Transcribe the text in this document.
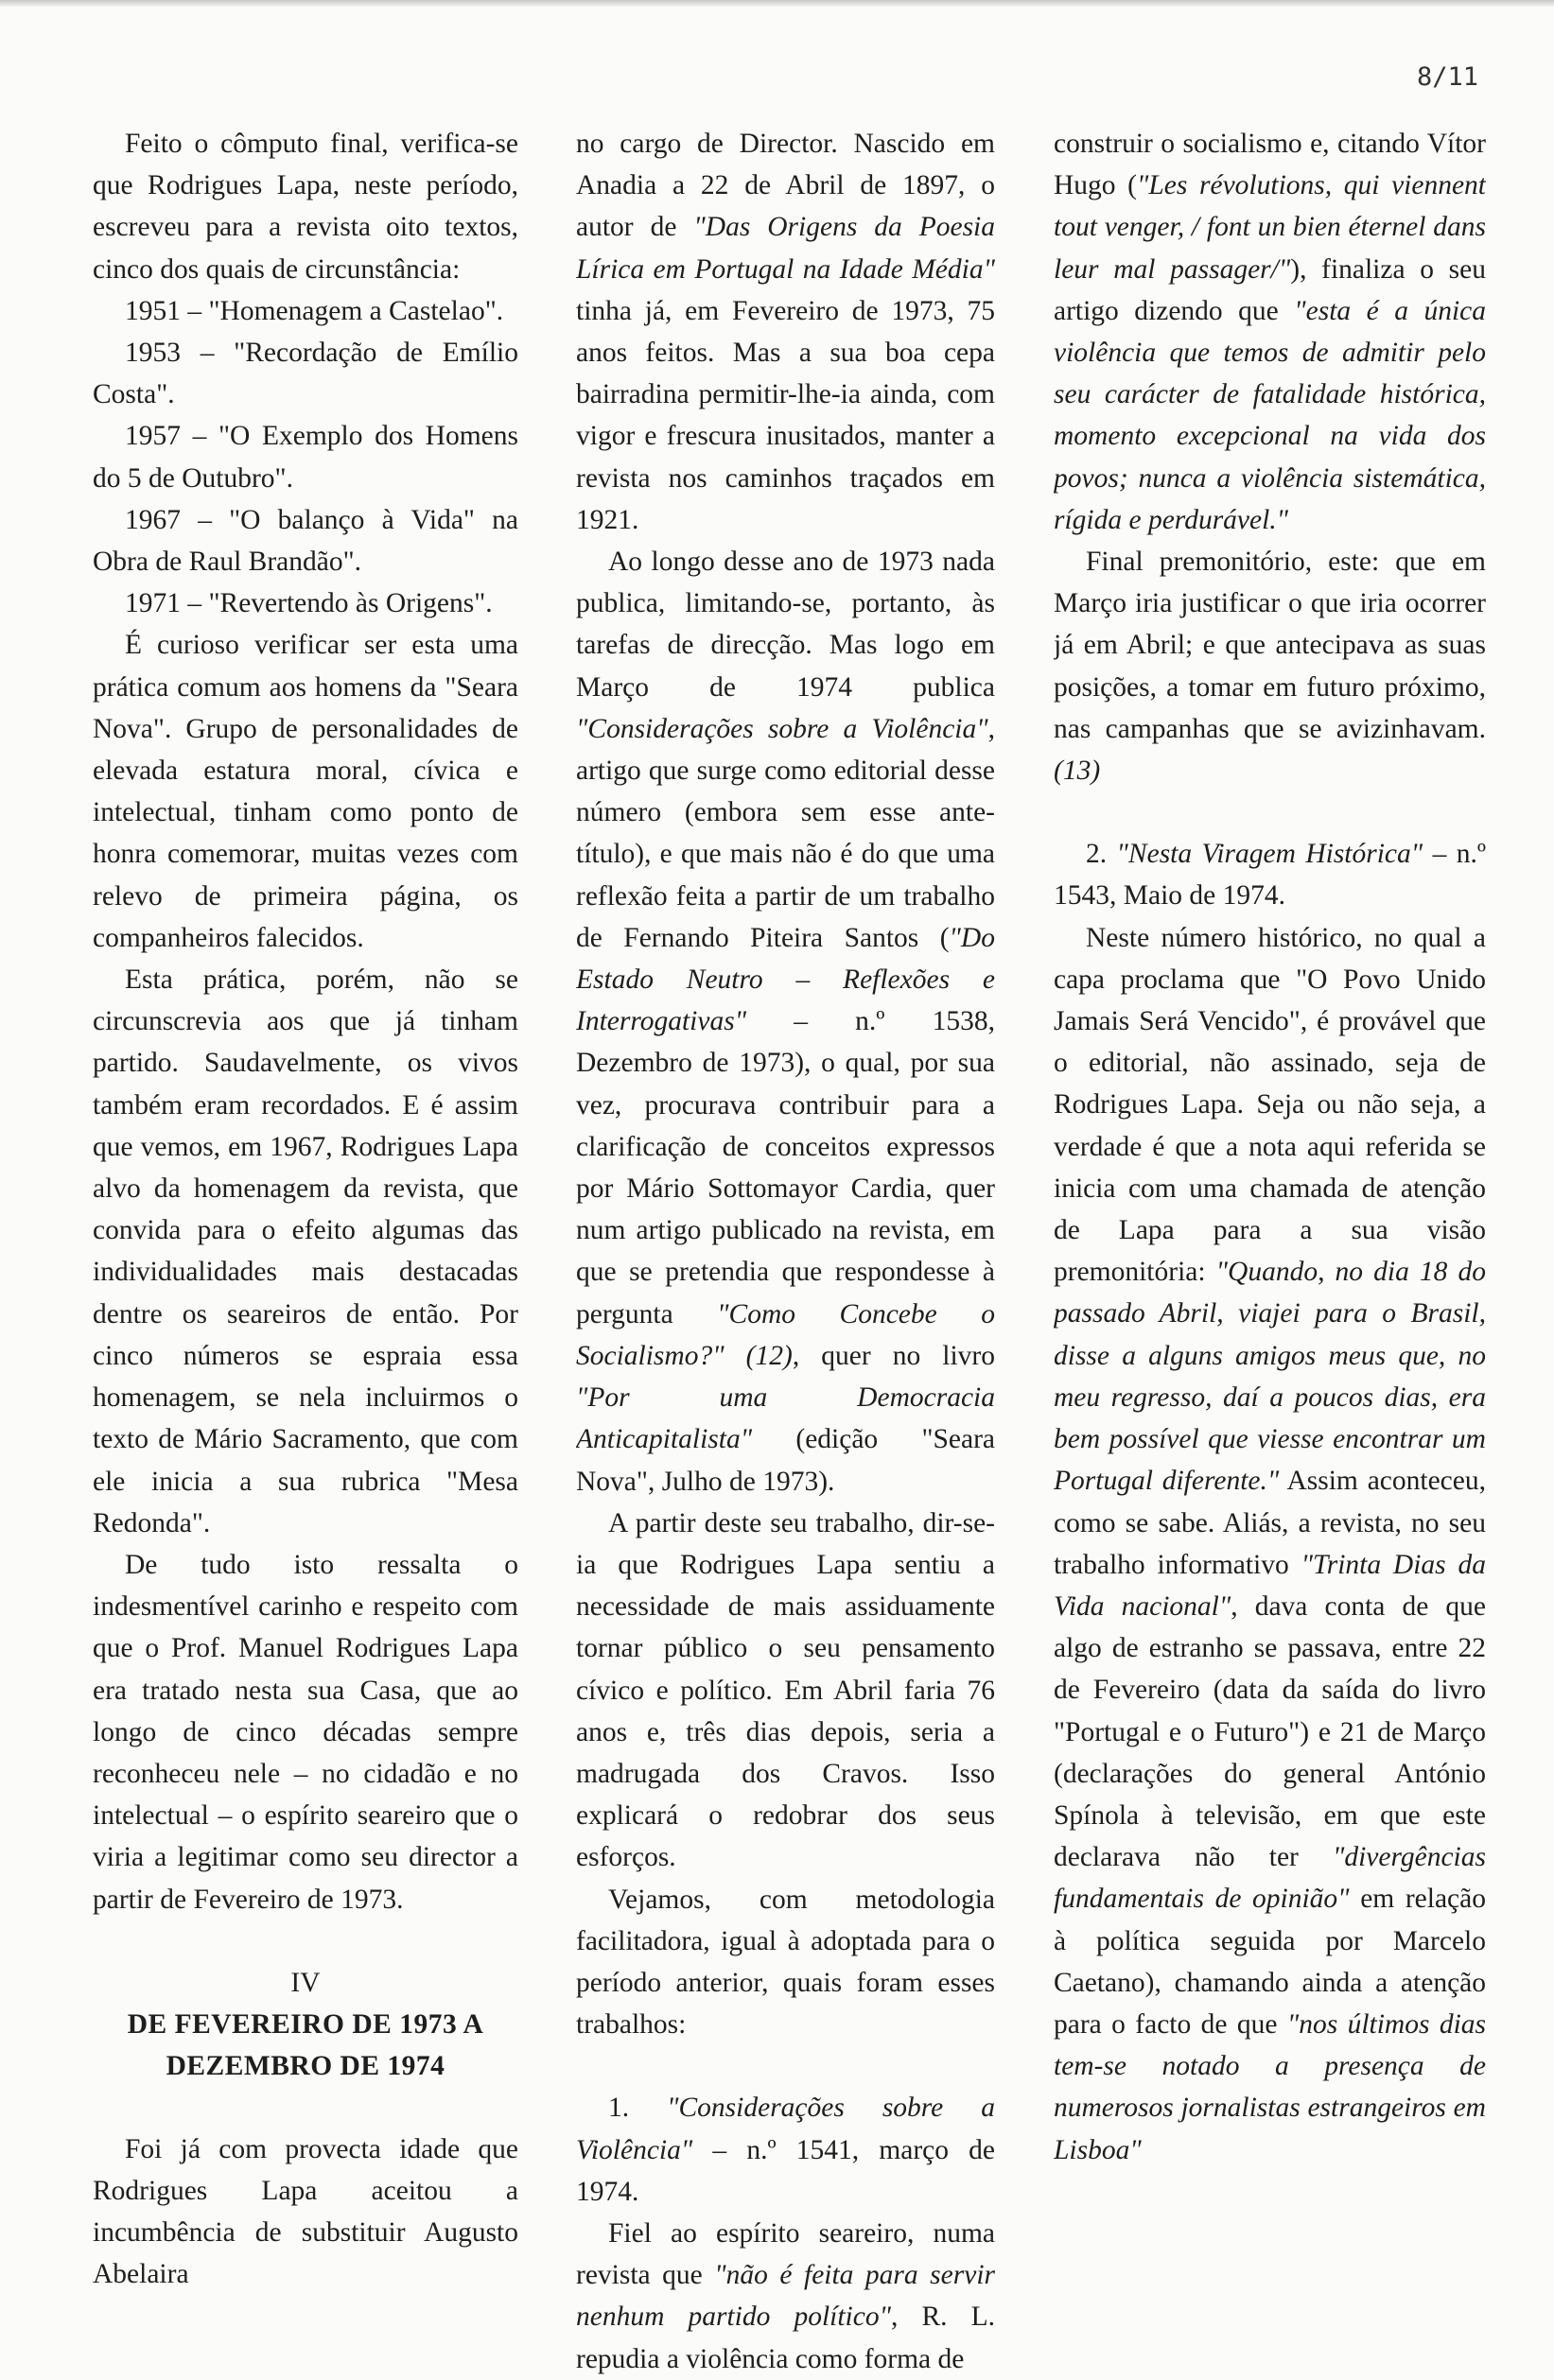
8/11

Feito o cômputo final, verifica-se que Rodrigues Lapa, neste período, escreveu para a revista oito textos, cinco dos quais de circunstância:

1951 – "Homenagem a Castelao".

1953 – "Recordação de Emílio Costa".

1957 – "O Exemplo dos Homens do 5 de Outubro".

1967 – "O balanço à Vida" na Obra de Raul Brandão".

1971 – "Revertendo às Origens".

É curioso verificar ser esta uma prática comum aos homens da "Seara Nova". Grupo de personalidades de elevada estatura moral, cívica e intelectual, tinham como ponto de honra comemorar, muitas vezes com relevo de primeira página, os companheiros falecidos.

Esta prática, porém, não se circunscrevia aos que já tinham partido. Saudavelmente, os vivos também eram recordados. E é assim que vemos, em 1967, Rodrigues Lapa alvo da homenagem da revista, que convida para o efeito algumas das individualidades mais destacadas dentre os seareiros de então. Por cinco números se espraia essa homenagem, se nela incluirmos o texto de Mário Sacramento, que com ele inicia a sua rubrica "Mesa Redonda".

De tudo isto ressalta o indesmentível carinho e respeito com que o Prof. Manuel Rodrigues Lapa era tratado nesta sua Casa, que ao longo de cinco décadas sempre reconheceu nele – no cidadão e no intelectual – o espírito seareiro que o viria a legitimar como seu director a partir de Fevereiro de 1973.

IV
DE FEVEREIRO DE 1973 A
DEZEMBRO DE 1974

Foi já com provecta idade que Rodrigues Lapa aceitou a incumbência de substituir Augusto Abelaira

no cargo de Director. Nascido em Anadia a 22 de Abril de 1897, o autor de "Das Origens da Poesia Lírica em Portugal na Idade Média" tinha já, em Fevereiro de 1973, 75 anos feitos. Mas a sua boa cepa bairradina permitir-lhe-ia ainda, com vigor e frescura inusitados, manter a revista nos caminhos traçados em 1921.

Ao longo desse ano de 1973 nada publica, limitando-se, portanto, às tarefas de direcção. Mas logo em Março de 1974 publica "Considerações sobre a Violência", artigo que surge como editorial desse número (embora sem esse ante-título), e que mais não é do que uma reflexão feita a partir de um trabalho de Fernando Piteira Santos ("Do Estado Neutro – Reflexões e Interrogativas" – n.º 1538, Dezembro de 1973), o qual, por sua vez, procurava contribuir para a clarificação de conceitos expressos por Mário Sottomayor Cardia, quer num artigo publicado na revista, em que se pretendia que respondesse à pergunta "Como Concebe o Socialismo?" (12), quer no livro "Por uma Democracia Anticapitalista" (edição "Seara Nova", Julho de 1973).

A partir deste seu trabalho, dir-se-ia que Rodrigues Lapa sentiu a necessidade de mais assiduamente tornar público o seu pensamento cívico e político. Em Abril faria 76 anos e, três dias depois, seria a madrugada dos Cravos. Isso explicará o redobrar dos seus esforços.

Vejamos, com metodologia facilitadora, igual à adoptada para o período anterior, quais foram esses trabalhos:

1. "Considerações sobre a Violência" – n.º 1541, março de 1974.

Fiel ao espírito seareiro, numa revista que "não é feita para servir nenhum partido político", R. L. repudia a violência como forma de

construir o socialismo e, citando Vítor Hugo ("Les révolutions, qui viennent tout venger, / font un bien éternel dans leur mal passager/"), finaliza o seu artigo dizendo que "esta é a única violência que temos de admitir pelo seu carácter de fatalidade histórica, momento excepcional na vida dos povos; nunca a violência sistemática, rígida e perdurável."

Final premonitório, este: que em Março iria justificar o que iria ocorrer já em Abril; e que antecipava as suas posições, a tomar em futuro próximo, nas campanhas que se avizinhavam. (13)

2. "Nesta Viragem Histórica" – n.º 1543, Maio de 1974.

Neste número histórico, no qual a capa proclama que "O Povo Unido Jamais Será Vencido", é provável que o editorial, não assinado, seja de Rodrigues Lapa. Seja ou não seja, a verdade é que a nota aqui referida se inicia com uma chamada de atenção de Lapa para a sua visão premonitória: "Quando, no dia 18 do passado Abril, viajei para o Brasil, disse a alguns amigos meus que, no meu regresso, daí a poucos dias, era bem possível que viesse encontrar um Portugal diferente." Assim aconteceu, como se sabe. Aliás, a revista, no seu trabalho informativo "Trinta Dias da Vida nacional", dava conta de que algo de estranho se passava, entre 22 de Fevereiro (data da saída do livro "Portugal e o Futuro") e 21 de Março (declarações do general António Spínola à televisão, em que este declarava não ter "divergências fundamentais de opinião" em relação à política seguida por Marcelo Caetano), chamando ainda a atenção para o facto de que "nos últimos dias tem-se notado a presença de numerosos jornalistas estrangeiros em Lisboa"
